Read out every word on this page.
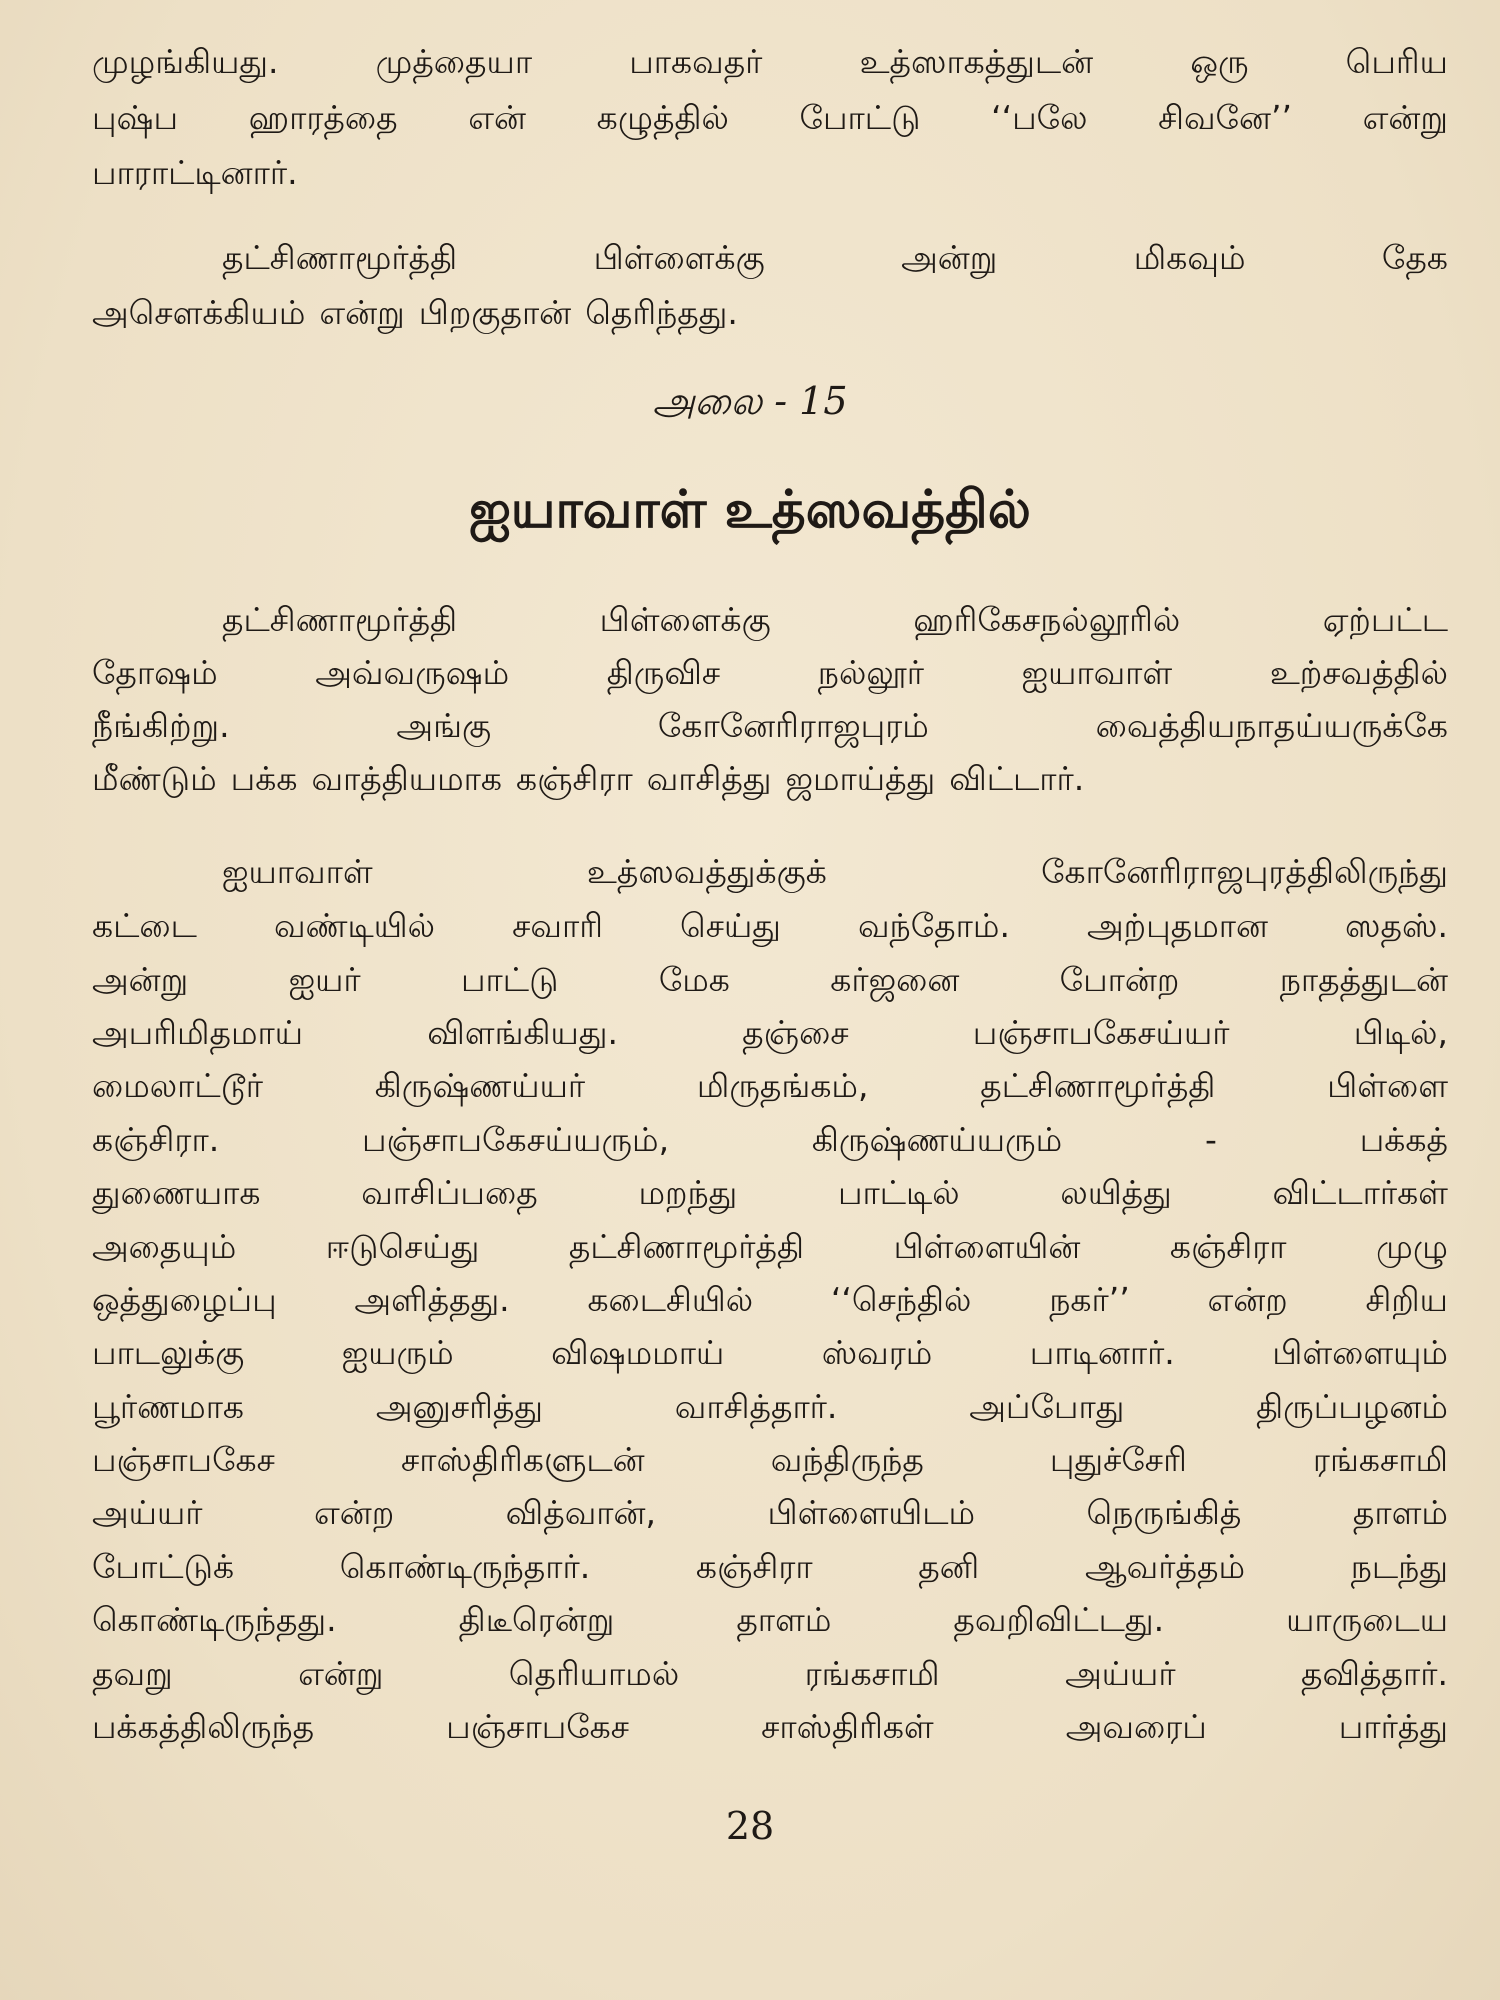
முழங்கியது.	முத்தையா	பாகவதர்	உத்ஸாகத்துடன்	ஒரு	பெரிய
புஷ்ப ஹாரத்தை என் கழுத்தில் போட்டு ‘‘பலே சிவனே’’ என்று
பாராட்டினார்.
தட்சிணாமூர்த்தி	பிள்ளைக்கு	அன்று	மிகவும்	தேக
அசௌக்கியம் என்று பிறகுதான் தெரிந்தது.
தட்சிணாமூர்த்தி	பிள்ளைக்கு	ஹரிகேசநல்லூரில்	ஏற்பட்ட
தோஷம்	அவ்வருஷம்	திருவிச	நல்லூர்	ஐயாவாள்	உற்சவத்தில்
நீங்கிற்று.	அங்கு	கோனேரிராஜபுரம்	வைத்தியநாதய்யருக்கே
மீண்டும் பக்க வாத்தியமாக கஞ்சிரா வாசித்து ஜமாய்த்து விட்டார்.
ஐயாவாள்	உத்ஸவத்துக்குக்	கோனேரிராஜபுரத்திலிருந்து
கட்டை வண்டியில் சவாரி செய்து வந்தோம். அற்புதமான ஸதஸ்.
அன்று	ஐயர்	பாட்டு	மேக	கர்ஜனை	போன்ற	நாதத்துடன்
அபரிமிதமாய்	விளங்கியது.	தஞ்சை	பஞ்சாபகேசய்யர்	பிடில்,
மைலாட்டூர்	கிருஷ்ணய்யர்	மிருதங்கம்,	தட்சிணாமூர்த்தி	பிள்ளை
கஞ்சிரா.	பஞ்சாபகேசய்யரும்,	கிருஷ்ணய்யரும்	-	பக்கத்
துணையாக	வாசிப்பதை	மறந்து	பாட்டில்	லயித்து	விட்டார்கள்
அதையும்	ஈடுசெய்து	தட்சிணாமூர்த்தி	பிள்ளையின்	கஞ்சிரா	முழு
ஒத்துழைப்பு அளித்தது. கடைசியில் ‘‘செந்தில் நகர்’’ என்ற சிறிய
பாடலுக்கு	ஐயரும்	விஷமமாய்	ஸ்வரம்	பாடினார்.	பிள்ளையும்
பூர்ணமாக	அனுசரித்து	வாசித்தார்.	அப்போது	திருப்பழனம்
பஞ்சாபகேச	சாஸ்திரிகளுடன்	வந்திருந்த	புதுச்சேரி	ரங்கசாமி
அய்யர்	என்ற	வித்வான்,	பிள்ளையிடம்	நெருங்கித்	தாளம்
போட்டுக்	கொண்டிருந்தார்.	கஞ்சிரா	தனி	ஆவர்த்தம்	நடந்து
கொண்டிருந்தது.	திடீரென்று	தாளம்	தவறிவிட்டது.	யாருடைய
தவறு	என்று	தெரியாமல்	ரங்கசாமி	அய்யர்	தவித்தார்.
பக்கத்திலிருந்த	பஞ்சாபகேச	சாஸ்திரிகள்	அவரைப்	பார்த்து
அலை - 15
ஐயாவாள் உத்ஸவத்தில்
28
